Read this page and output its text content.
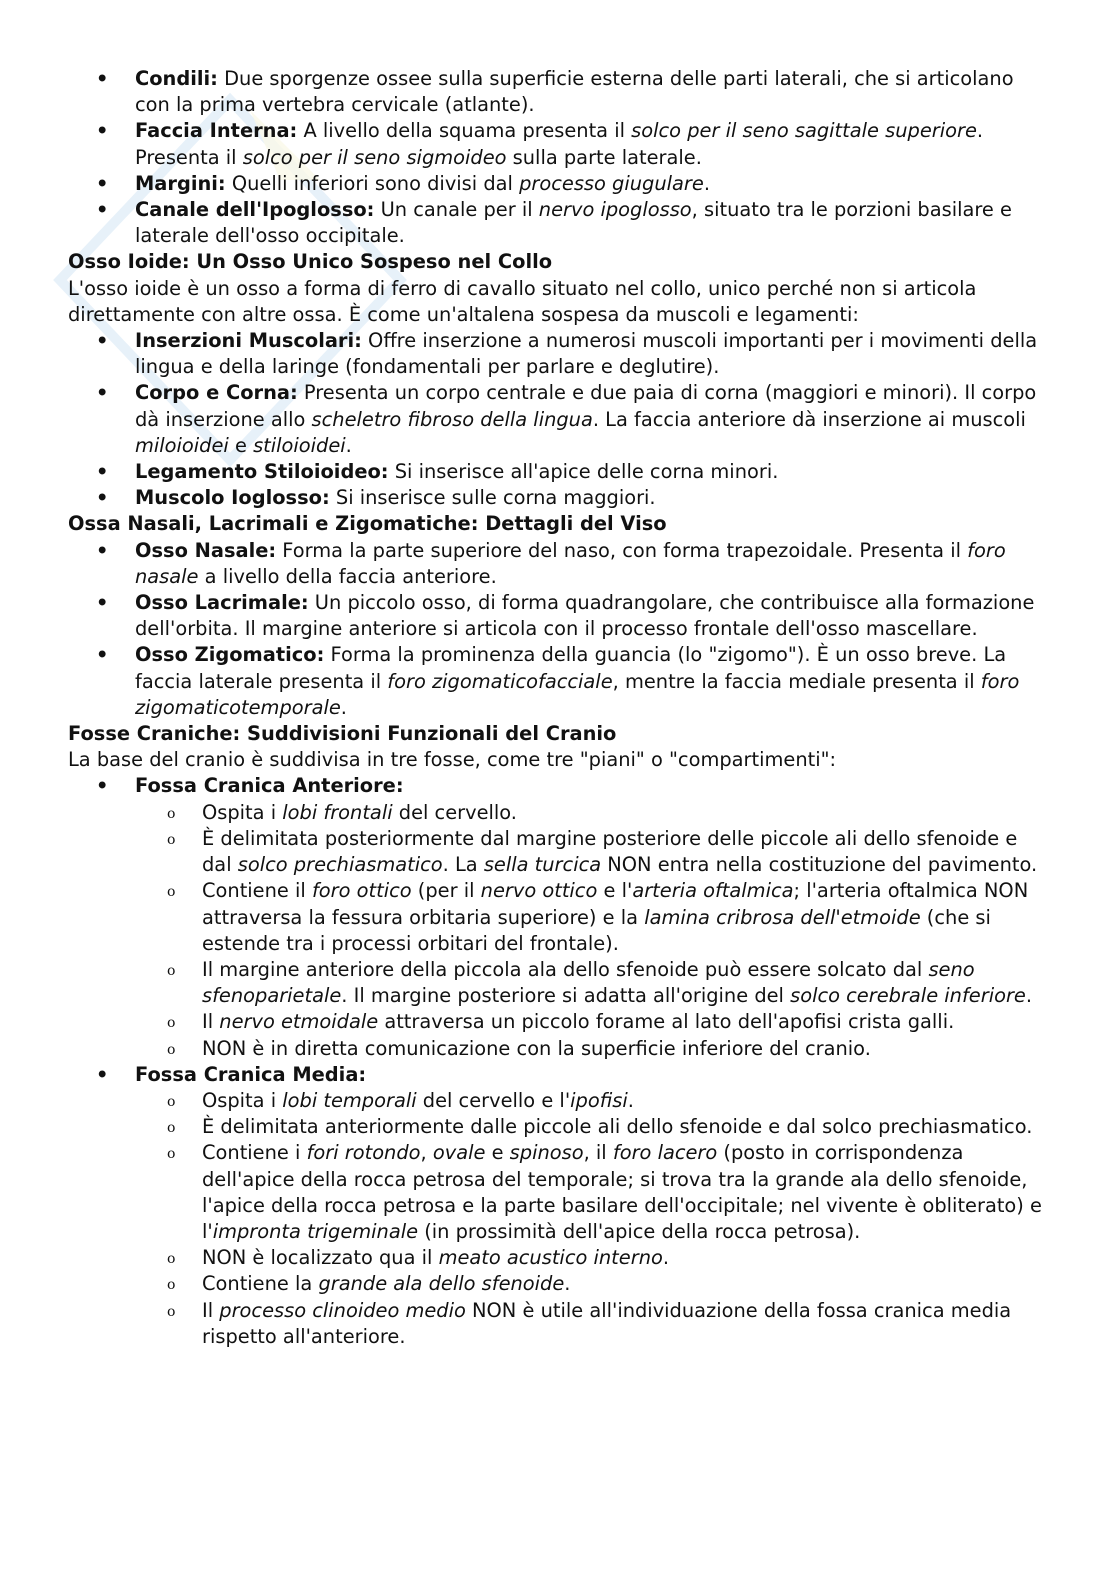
• Condili: Due sporgenze ossee sulla superficie esterna delle parti laterali, che si articolano con la prima vertebra cervicale (atlante).
• Faccia Interna: A livello della squama presenta il solco per il seno sagittale superiore. Presenta il solco per il seno sigmoideo sulla parte laterale.
• Margini: Quelli inferiori sono divisi dal processo giugulare.
• Canale dell'Ipoglosso: Un canale per il nervo ipoglosso, situato tra le porzioni basilare e laterale dell'osso occipitale.
Osso Ioide: Un Osso Unico Sospeso nel Collo

L'osso ioide è un osso a forma di ferro di cavallo situato nel collo, unico perché non si articola direttamente con altre ossa. È come un'altalena sospesa da muscoli e legamenti:

• Inserzioni Muscolari: Offre inserzione a numerosi muscoli importanti per i movimenti della lingua e della laringe (fondamentali per parlare e deglutire).
• Corpo e Corna: Presenta un corpo centrale e due paia di corna (maggiori e minori). Il corpo dà inserzione allo scheletro fibroso della lingua. La faccia anteriore dà inserzione ai muscoli miloioidei e stiloioidei.
• Legamento Stiloioideo: Si inserisce all'apice delle corna minori.
• Muscolo Ioglosso: Si inserisce sulle corna maggiori.
Ossa Nasali, Lacrimali e Zigomatiche: Dettagli del Viso
• Osso Nasale: Forma la parte superiore del naso, con forma trapezoidale. Presenta il foro nasale a livello della faccia anteriore.
• Osso Lacrimale: Un piccolo osso, di forma quadrangolare, che contribuisce alla formazione dell'orbita. Il margine anteriore si articola con il processo frontale dell'osso mascellare.
• Osso Zigomatico: Forma la prominenza della guancia (lo "zigomo"). È un osso breve. La faccia laterale presenta il foro zigomaticofacciale, mentre la faccia mediale presenta il foro zigomaticotemporale.
Fosse Craniche: Suddivisioni Funzionali del Cranio

La base del cranio è suddivisa in tre fosse, come tre "piani" o "compartimenti":

• Fossa Cranica Anteriore:
o Ospita i lobi frontali del cervello.
o È delimitata posteriormente dal margine posteriore delle piccole ali dello sfenoide e dal solco prechiasmatico. La sella turcica NON entra nella costituzione del pavimento.
o Contiene il foro ottico (per il nervo ottico e l'arteria oftalmica; l'arteria oftalmica NON attraversa la fessura orbitaria superiore) e la lamina cribrosa dell'etmoide (che si estende tra i processi orbitari del frontale).
o Il margine anteriore della piccola ala dello sfenoide può essere solcato dal seno sfenoparietale. Il margine posteriore si adatta all'origine del solco cerebrale inferiore.
o Il nervo etmoidale attraversa un piccolo forame al lato dell'apofisi crista galli.
o NON è in diretta comunicazione con la superficie inferiore del cranio.
• Fossa Cranica Media:
o Ospita i lobi temporali del cervello e l'ipofisi.
o È delimitata anteriormente dalle piccole ali dello sfenoide e dal solco prechiasmatico.
o Contiene i fori rotondo, ovale e spinoso, il foro lacero (posto in corrispondenza dell'apice della rocca petrosa del temporale; si trova tra la grande ala dello sfenoide, l'apice della rocca petrosa e la parte basilare dell'occipitale; nel vivente è obliterato) e l'impronta trigeminale (in prossimità dell'apice della rocca petrosa).
o NON è localizzato qua il meato acustico interno.
o Contiene la grande ala dello sfenoide.
o Il processo clinoideo medio NON è utile all'individuazione della fossa cranica media rispetto all'anteriore.
